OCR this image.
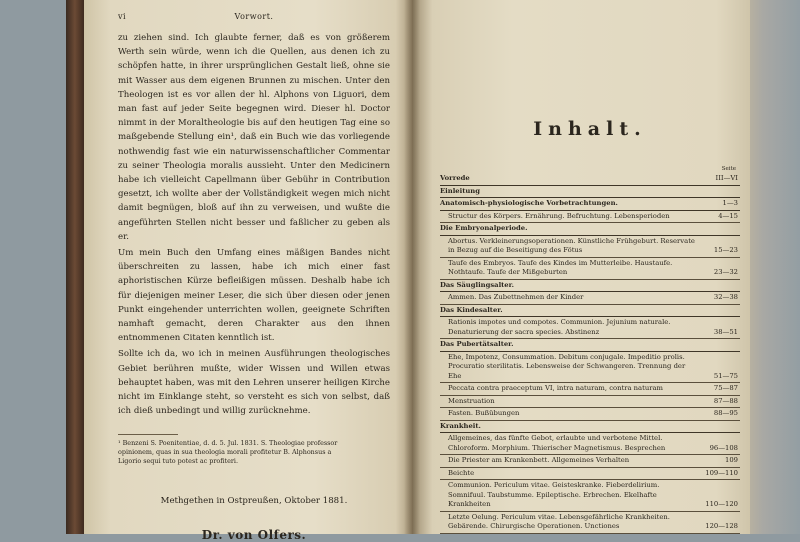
vi	Vorwort.

zu ziehen sind. Ich glaubte ferner, daß es von größerem Werth sein würde, wenn ich die Quellen, aus denen ich zu schöpfen hatte, in ihrer ursprünglichen Gestalt ließ, ohne sie mit Wasser aus dem eigenen Brunnen zu mischen. Unter den Theologen ist es vor allen der hl. Alphons von Liguori, dem man fast auf jeder Seite begegnen wird. Dieser hl. Doctor nimmt in der Moraltheologie bis auf den heutigen Tag eine so maßgebende Stellung ein¹, daß ein Buch wie das vorliegende nothwendig fast wie ein naturwissenschaftlicher Commentar zu seiner Theologia moralis aussieht. Unter den Medicinern habe ich vielleicht Capellmann über Gebühr in Contribution gesetzt, ich wollte aber der Vollständigkeit wegen mich nicht damit begnügen, bloß auf ihn zu verweisen, und wußte die angeführten Stellen nicht besser und faßlicher zu geben als er.

Um mein Buch den Umfang eines mäßigen Bandes nicht überschreiten zu lassen, habe ich mich einer fast aphoristischen Kürze befleißigen müssen. Deshalb habe ich für diejenigen meiner Leser, die sich über diesen oder jenen Punkt eingehender unterrichten wollen, geeignete Schriften namhaft gemacht, deren Charakter aus den ihnen entnommenen Citaten kenntlich ist.

Sollte ich da, wo ich in meinen Ausführungen theologisches Gebiet berühren mußte, wider Wissen und Willen etwas behauptet haben, was mit den Lehren unserer heiligen Kirche nicht im Einklange steht, so versteht es sich von selbst, daß ich dieß unbedingt und willig zurücknehme.

¹ Benzeni S. Poenitentiae, d. d. 5. Jul. 1831. S. Theologiae professor opinionem, quas in sua theologia morali profitetur B. Alphonsus a Ligorio sequi tuto potest ac profiteri.
Methgethen in Ostpreußen, Oktober 1881.
Dr. von Olfers.
Inhalt.
Seite
Vorrede	III—VI
Einleitung
Anatomisch-physiologische Vorbetrachtungen.	1—3
Structur des Körpers. Ernährung. Befruchtung. Lebensperioden	4—15
Die Embryonalperiode.
Abortus. Verkleinerungsoperationen. Künstliche Frühgeburt. Reservate in Bezug auf die Beseitigung des Fötus	15—23
Taufe des Embryos. Taufe des Kindes im Mutterleibe. Haustaufe. Nothtaufe. Taufe der Mißgeburten	23—32
Das Säuglingsalter.
Ammen. Das Zubettnehmen der Kinder	32—38
Das Kindesalter.
Rationis impotes und compotes. Communion. Jejunium naturale. Denaturierung der sacra species. Abstinenz	38—51
Das Pubertätsalter.
Ehe, Impotenz, Consummation. Debitum conjugale. Impeditio prolis. Procuratio sterilitatis. Lebensweise der Schwangeren. Trennung der Ehe	51—75
Peccata contra praeceptum VI, intra naturam, contra naturam	75—87
Menstruation	87—88
Fasten. Bußübungen	88—95
Krankheit.
Allgemeines, das fünfte Gebot, erlaubte und verbotene Mittel. Chloroform. Morphium. Thierischer Magnetismus. Besprechen	96—108
Die Priester am Krankenbett. Allgemeines Verhalten	109
Beichte	109—110
Communion. Periculum vitae. Geisteskranke. Fieberdelirium. Somnifuul. Taubstumme. Epileptische. Erbrechen. Ekelhafte Krankheiten	110—120
Letzte Oelung. Periculum vitae. Lebensgefährliche Krankheiten. Gebärende. Chirurgische Operationen. Unctiones	120—128
